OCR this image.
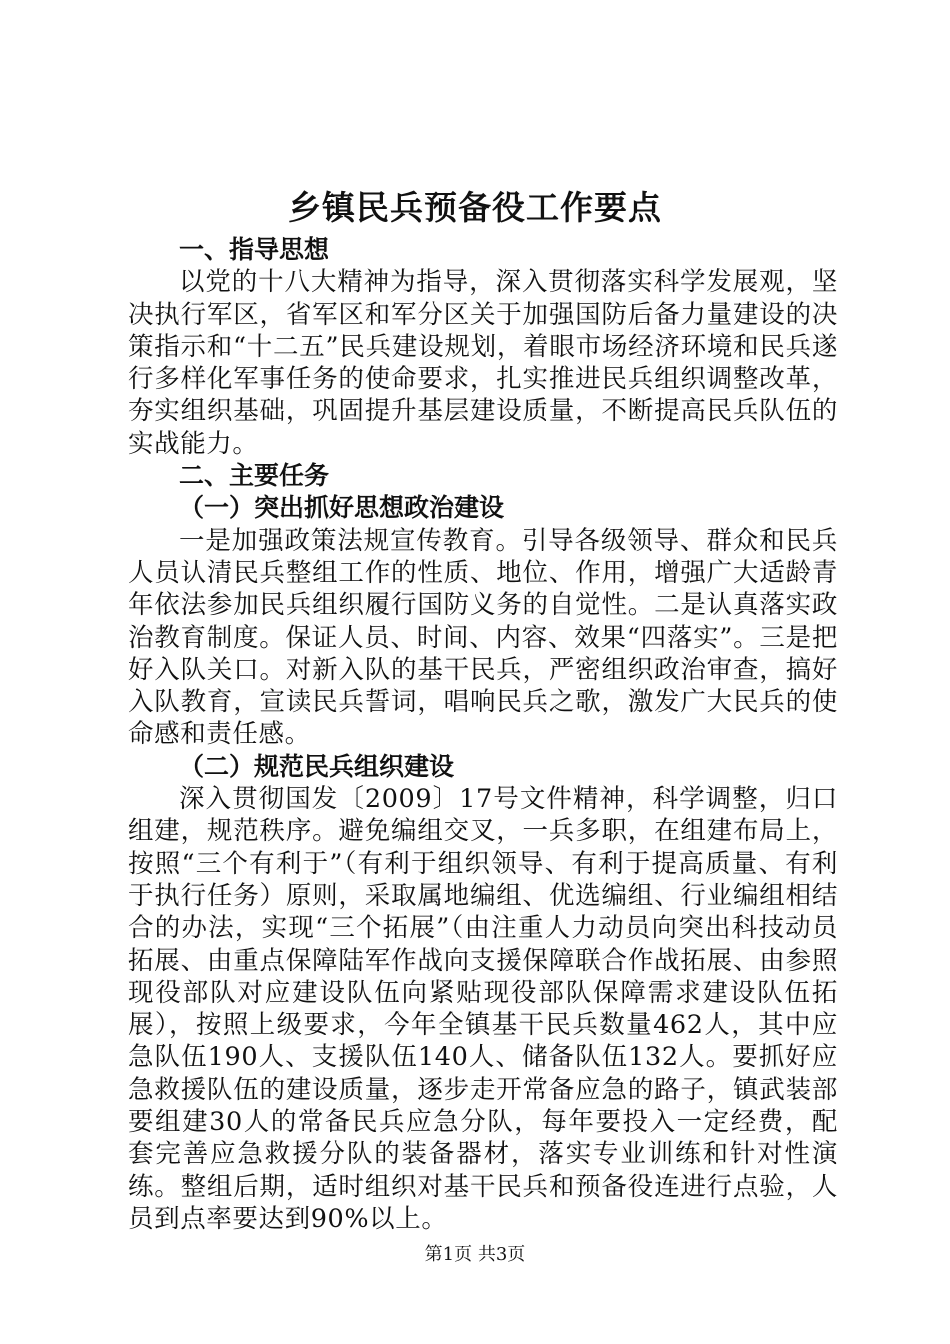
乡镇民兵预备役工作要点
一、指导思想

以党的十八大精神为指导，深入贯彻落实科学发展观，坚决执行军区，省军区和军分区关于加强国防后备力量建设的决策指示和“十二五”民兵建设规划，着眼市场经济环境和民兵遂行多样化军事任务的使命要求，扎实推进民兵组织调整改革，夯实组织基础，巩固提升基层建设质量，不断提高民兵队伍的实战能力。

二、主要任务
（一）突出抓好思想政治建设

一是加强政策法规宣传教育。引导各级领导、群众和民兵人员认清民兵整组工作的性质、地位、作用，增强广大适龄青年依法参加民兵组织履行国防义务的自觉性。二是认真落实政治教育制度。保证人员、时间、内容、效果“四落实”。三是把好入队关口。对新入队的基干民兵，严密组织政治审查，搞好入队教育，宣读民兵誓词，唱响民兵之歌，激发广大民兵的使命感和责任感。

（二）规范民兵组织建设

深入贯彻国发〔2009〕17号文件精神，科学调整，归口组建，规范秩序。避免编组交叉，一兵多职，在组建布局上，按照“三个有利于”（有利于组织领导、有利于提高质量、有利于执行任务）原则，采取属地编组、优选编组、行业编组相结合的办法，实现“三个拓展”（由注重人力动员向突出科技动员拓展、由重点保障陆军作战向支援保障联合作战拓展、由参照现役部队对应建设队伍向紧贴现役部队保障需求建设队伍拓展），按照上级要求，今年全镇基干民兵数量462人，其中应急队伍190人、支援队伍140人、储备队伍132人。要抓好应急救援队伍的建设质量，逐步走开常备应急的路子，镇武装部要组建30人的常备民兵应急分队，每年要投入一定经费，配套完善应急救援分队的装备器材，落实专业训练和针对性演练。整组后期，适时组织对基干民兵和预备役连进行点验，人员到点率要达到90%以上。

第1页 共3页
